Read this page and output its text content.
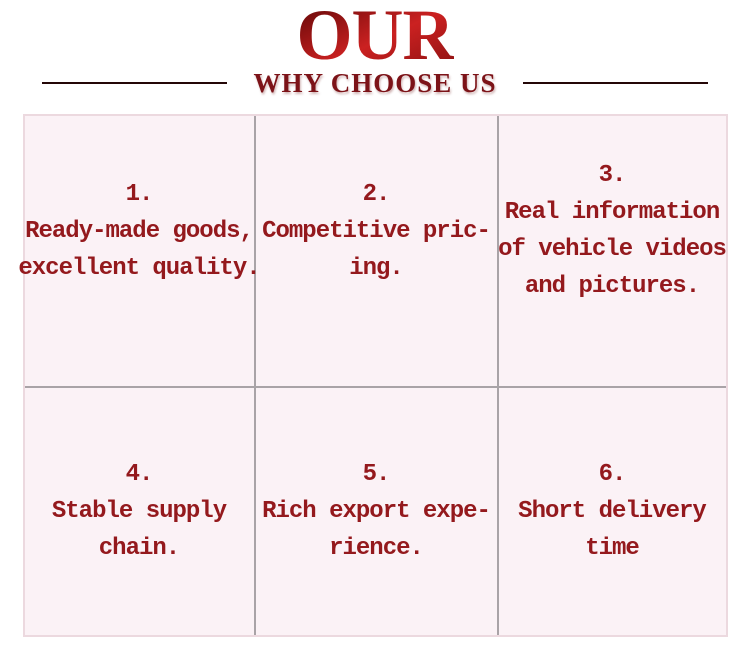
OUR
WHY CHOOSE US
1.
Ready-made goods,
excellent quality.
2.
Competitive pric-
ing.
3.
Real information
of vehicle videos
and pictures.
4.
Stable supply
chain.
5.
Rich export expe-
rience.
6.
Short delivery
time
